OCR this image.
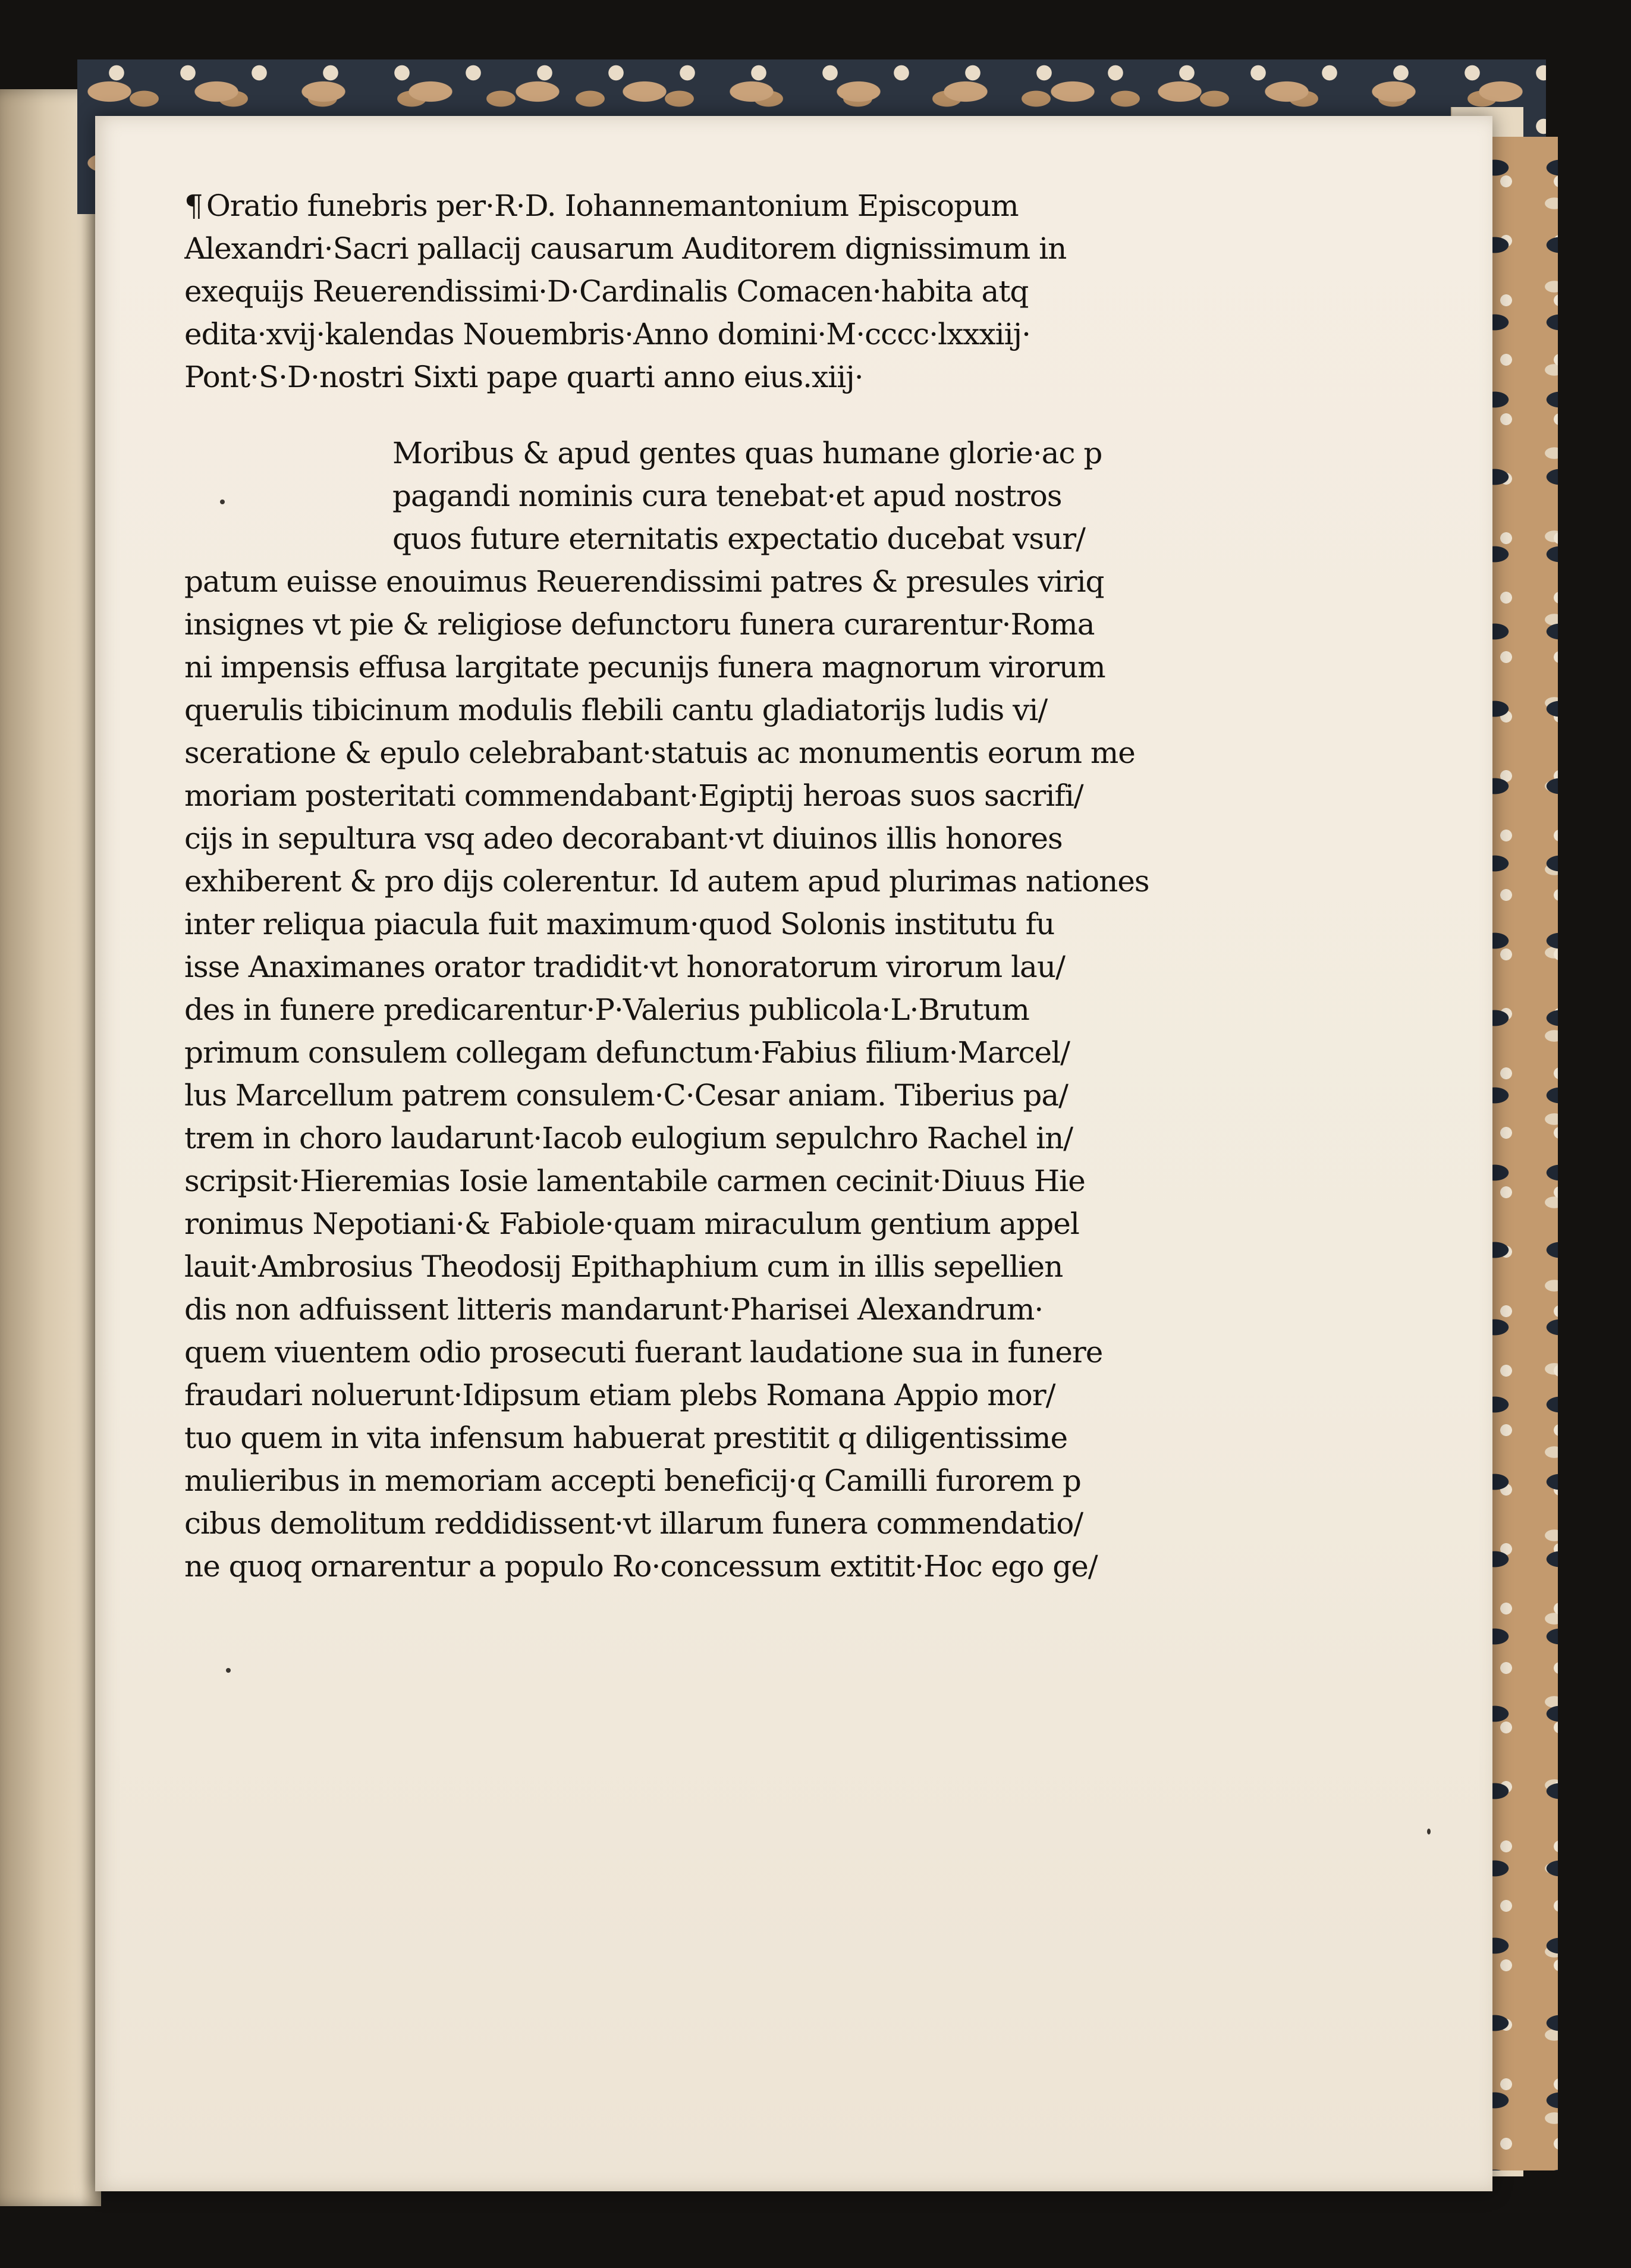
¶ Oratio funebris per·R·D. Iohannemantonium Episcopum
Alexandri·Sacri pallacij causarum Auditorem dignissimum in
exequijs Reuerendissimi·D·Cardinalis Comacen·habita atq
edita·xvij·kalendas Nouembris·Anno domini·M·cccc·lxxxiij·
Pont·S·D·nostri Sixti pape quarti anno eius.xiij·
Moribus & apud gentes quas humane glorie·ac p
pagandi nominis cura tenebat·et apud nostros
quos future eternitatis expectatio ducebat vsur/
patum euisse enouimus Reuerendissimi patres & presules viriq
insignes vt pie & religiose defunctoru funera curarentur·Roma
ni impensis effusa largitate pecunijs funera magnorum virorum
querulis tibicinum modulis flebili cantu gladiatorijs ludis vi/
sceratione & epulo celebrabant·statuis ac monumentis eorum me
moriam posteritati commendabant·Egiptij heroas suos sacrifi/
cijs in sepultura vsq adeo decorabant·vt diuinos illis honores
exhiberent & pro dijs colerentur. Id autem apud plurimas nationes
inter reliqua piacula fuit maximum·quod Solonis institutu fu
isse Anaximanes orator tradidit·vt honoratorum virorum lau/
des in funere predicarentur·P·Valerius publicola·L·Brutum
primum consulem collegam defunctum·Fabius filium·Marcel/
lus Marcellum patrem consulem·C·Cesar aniam. Tiberius pa/
trem in choro laudarunt·Iacob eulogium sepulchro Rachel in/
scripsit·Hieremias Iosie lamentabile carmen cecinit·Diuus Hie
ronimus Nepotiani·& Fabiole·quam miraculum gentium appel
lauit·Ambrosius Theodosij Epithaphium cum in illis sepellien
dis non adfuissent litteris mandarunt·Pharisei Alexandrum·
quem viuentem odio prosecuti fuerant laudatione sua in funere
fraudari noluerunt·Idipsum etiam plebs Romana Appio mor/
tuo quem in vita infensum habuerat prestitit q diligentissime
mulieribus in memoriam accepti beneficij·q Camilli furorem p
cibus demolitum reddidissent·vt illarum funera commendatio/
ne quoq ornarentur a populo Ro·concessum extitit·Hoc ego ge/
